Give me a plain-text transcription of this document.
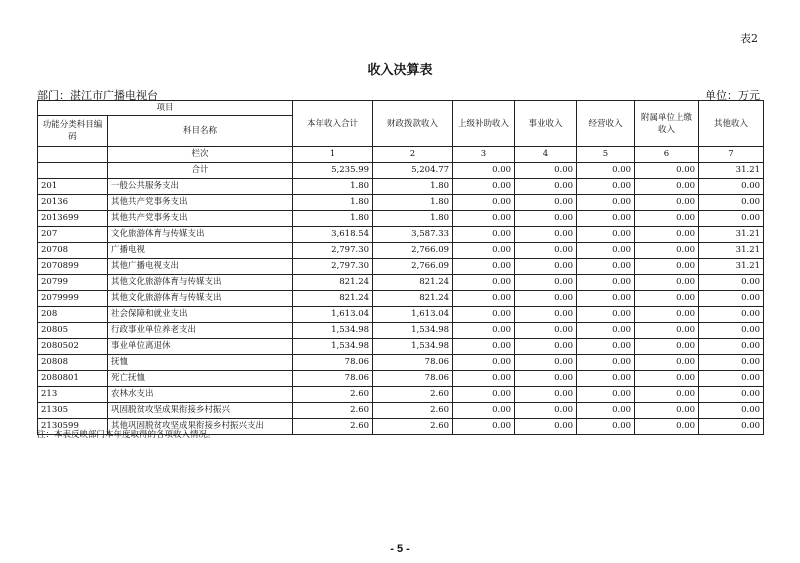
表2
收入决算表
部门：湛江市广播电视台	单位：万元
项目		本年收入合计	财政拨款收入	上级补助收入	事业收入	经营收入	附属单位上缴收入	其他收入
功能分类科目编码	科目名称							
	栏次	1	2	3	4	5	6	7
	合计	5,235.99	5,204.77	0.00	0.00	0.00	0.00	31.21
201	一般公共服务支出	1.80	1.80	0.00	0.00	0.00	0.00	0.00
20136	其他共产党事务支出	1.80	1.80	0.00	0.00	0.00	0.00	0.00
2013699	其他共产党事务支出	1.80	1.80	0.00	0.00	0.00	0.00	0.00
207	文化旅游体育与传媒支出	3,618.54	3,587.33	0.00	0.00	0.00	0.00	31.21
20708	广播电视	2,797.30	2,766.09	0.00	0.00	0.00	0.00	31.21
2070899	其他广播电视支出	2,797.30	2,766.09	0.00	0.00	0.00	0.00	31.21
20799	其他文化旅游体育与传媒支出	821.24	821.24	0.00	0.00	0.00	0.00	0.00
2079999	其他文化旅游体育与传媒支出	821.24	821.24	0.00	0.00	0.00	0.00	0.00
208	社会保障和就业支出	1,613.04	1,613.04	0.00	0.00	0.00	0.00	0.00
20805	行政事业单位养老支出	1,534.98	1,534.98	0.00	0.00	0.00	0.00	0.00
2080502	事业单位离退休	1,534.98	1,534.98	0.00	0.00	0.00	0.00	0.00
20808	抚恤	78.06	78.06	0.00	0.00	0.00	0.00	0.00
2080801	死亡抚恤	78.06	78.06	0.00	0.00	0.00	0.00	0.00
213	农林水支出	2.60	2.60	0.00	0.00	0.00	0.00	0.00
21305	巩固脱贫攻坚成果衔接乡村振兴	2.60	2.60	0.00	0.00	0.00	0.00	0.00
2130599	其他巩固脱贫攻坚成果衔接乡村振兴支出	2.60	2.60	0.00	0.00	0.00	0.00	0.00
注：本表反映部门本年度取得的各项收入情况。
- 5 -
